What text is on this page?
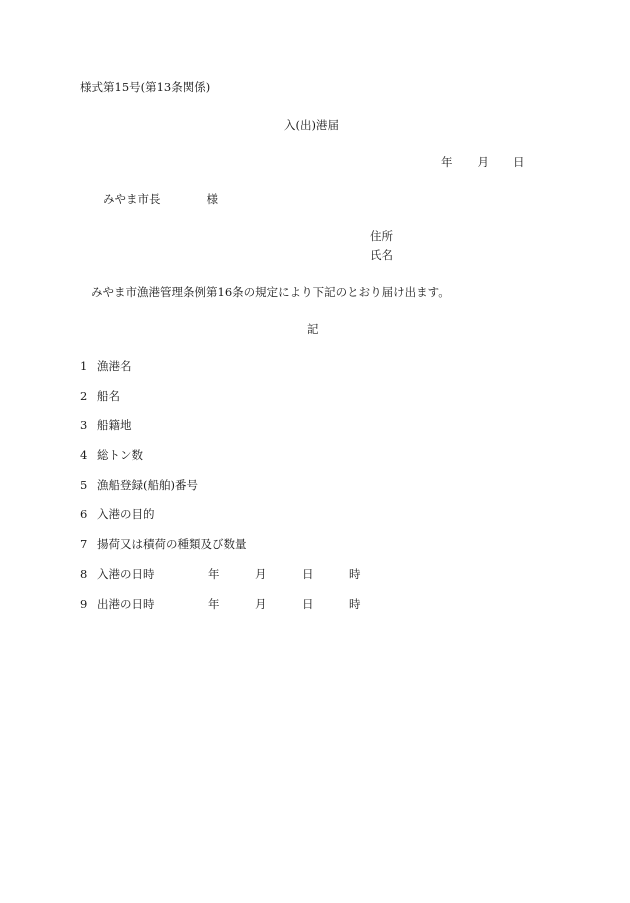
様式第15号(第13条関係)
入(出)港届
年 月 日
みやま市長	様
住所
氏名
みやま市漁港管理条例第16条の規定により下記のとおり届け出ます。
記
1 漁港名
2 船名
3 船籍地
4 総トン数
5 漁船登録(船舶)番号
6 入港の目的
7 揚荷又は積荷の種類及び数量
8 入港の日時	年	月	日	時
9 出港の日時	年	月	日	時
